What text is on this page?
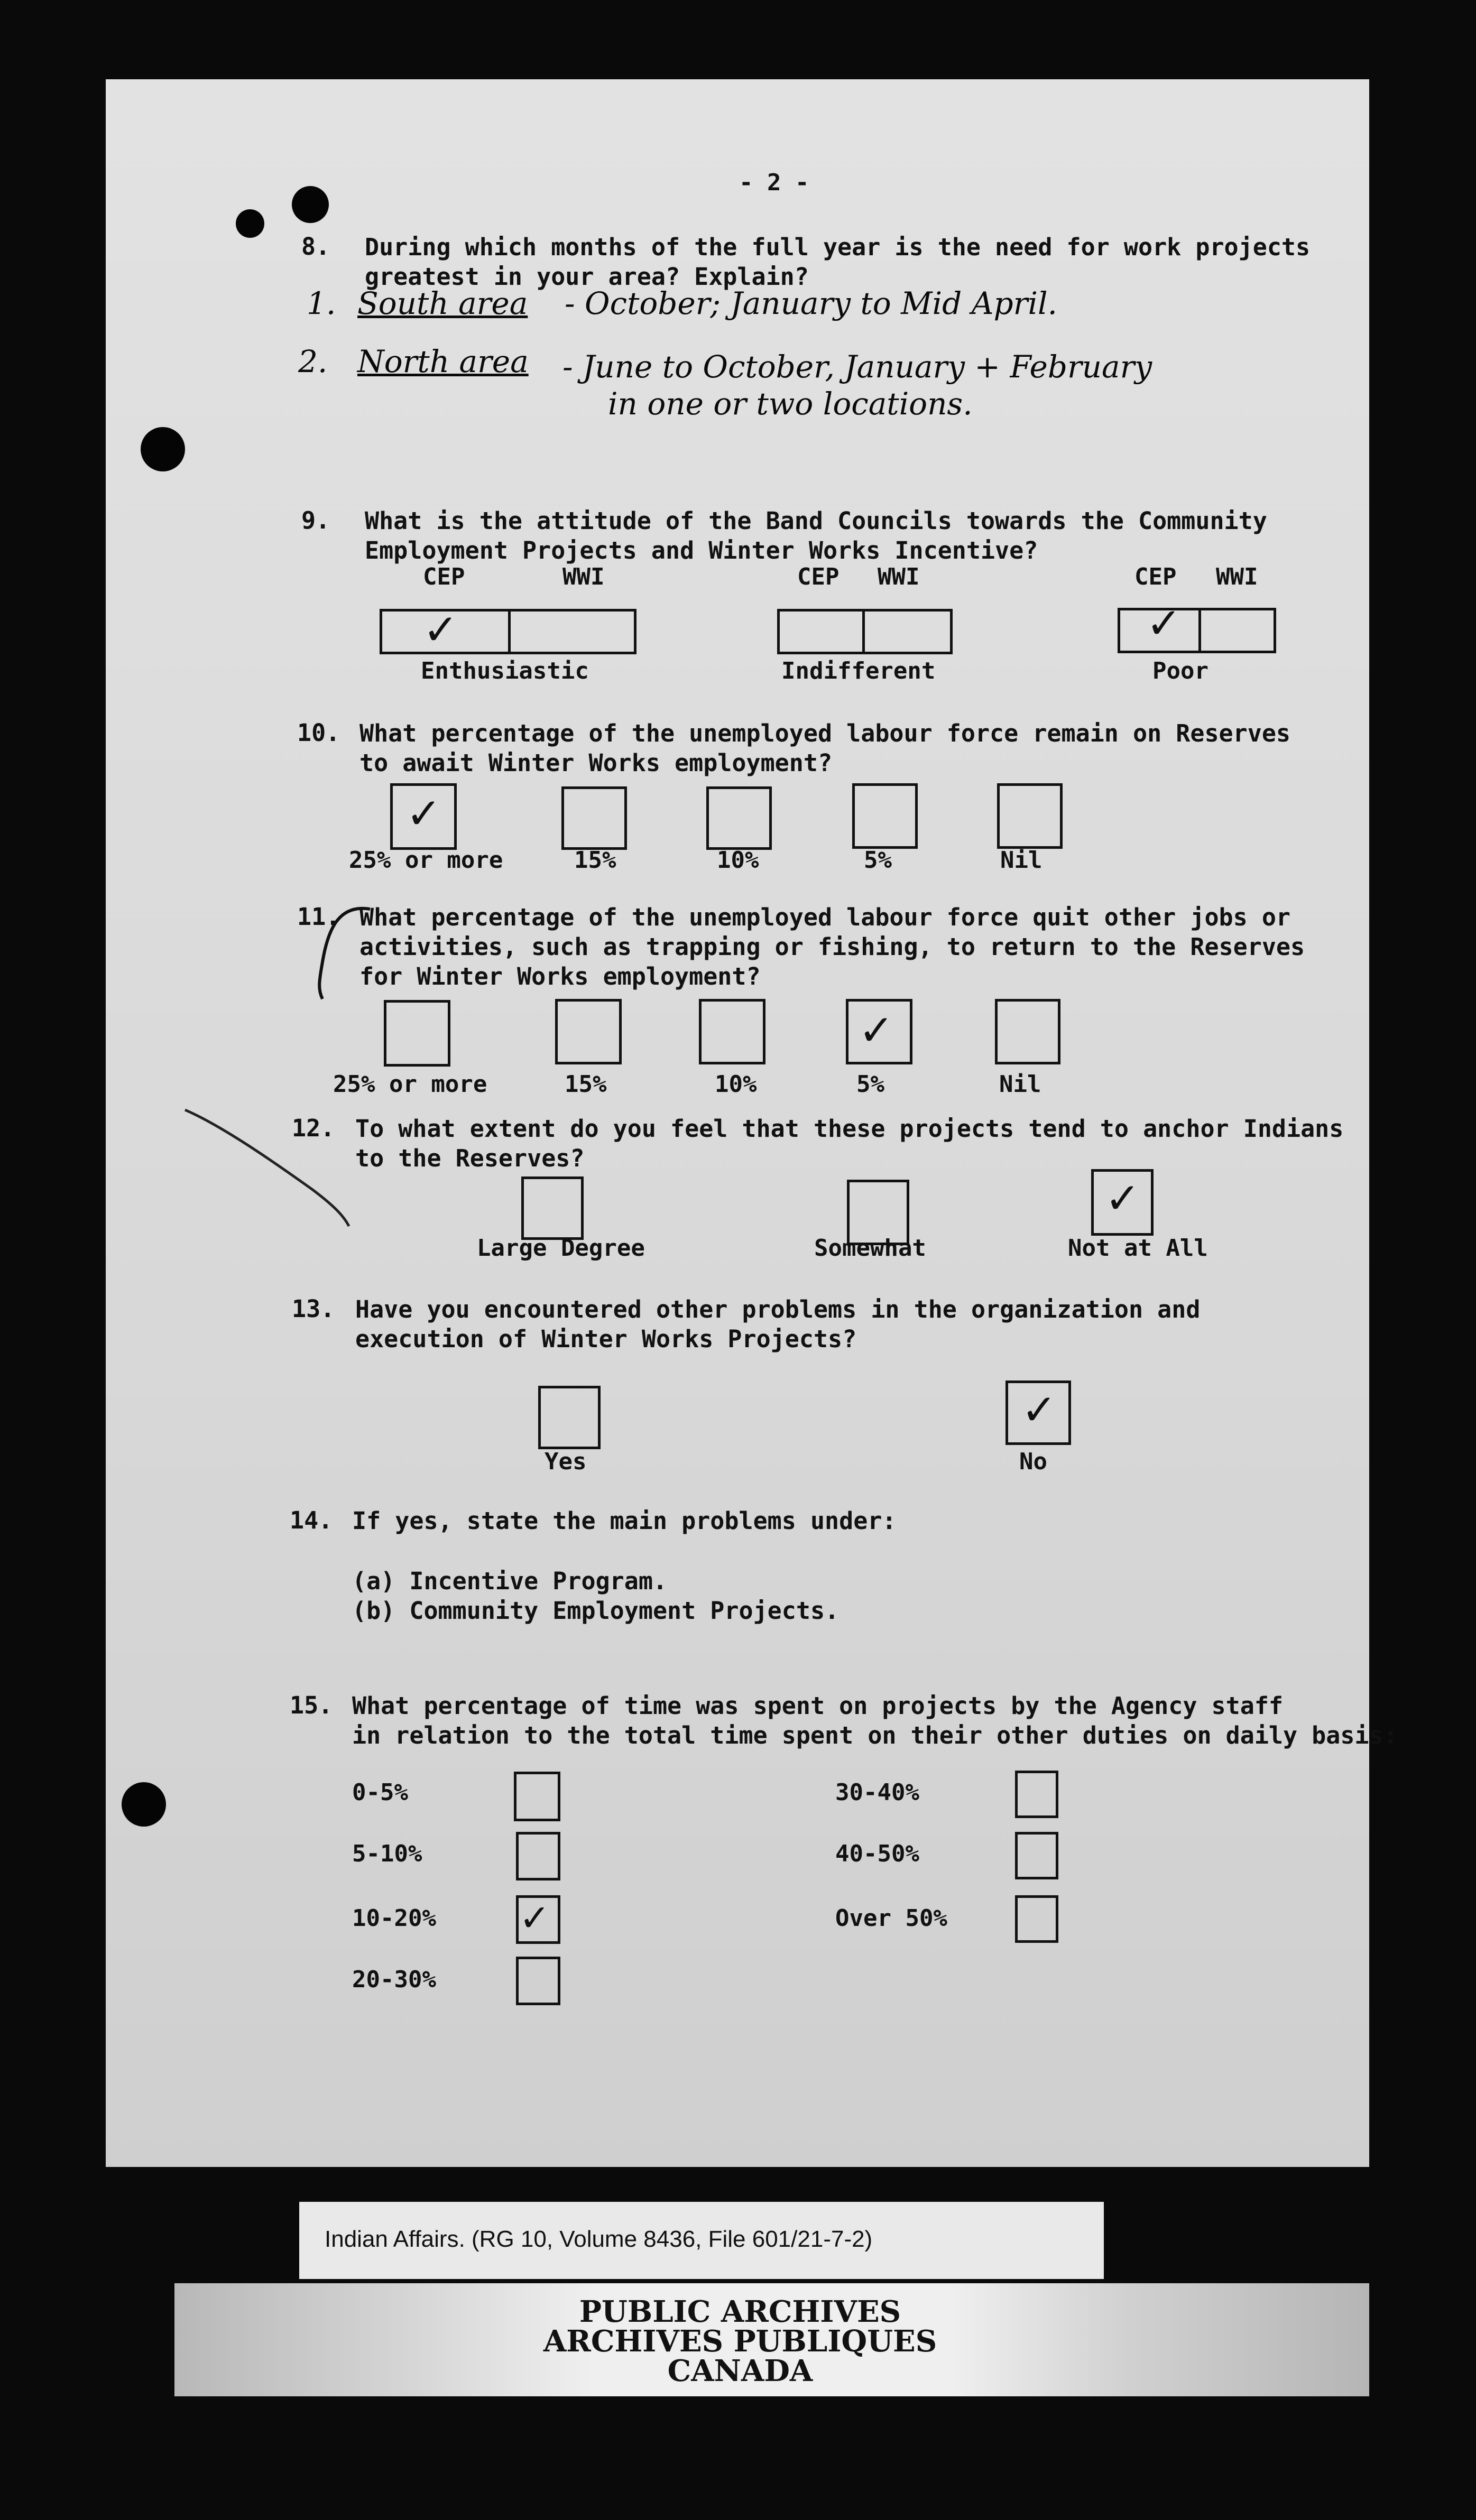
- 2 -
8. During which months of the full year is the need for work projects
greatest in your area? Explain?
1. South area - October; January to Mid April.
2. North area - June to October, January + February
in one or two locations.
9. What is the attitude of the Band Councils towards the Community
Employment Projects and Winter Works Incentive?
CEP	WWI
✓
Enthusiastic
CEP WWI
Indifferent
CEP WWI
✓
Poor
10. What percentage of the unemployed labour force remain on Reserves
to await Winter Works employment?
✓
25% or more	15%	10%	5%	Nil
11. What percentage of the unemployed labour force quit other jobs or
activities, such as trapping or fishing, to return to the Reserves
for Winter Works employment?
✓
25% or more	15%	10%	5%	Nil
12. To what extent do you feel that these projects tend to anchor Indians
to the Reserves?
✓
Large Degree	Somewhat	Not at All
13. Have you encountered other problems in the organization and
execution of Winter Works Projects?
✓
Yes	No
14. If yes, state the main problems under:
(a) Incentive Program.
(b) Community Employment Projects.
15. What percentage of time was spent on projects by the Agency staff
in relation to the total time spent on their other duties on daily basis:
0-5%
5-10%
10-20% ✓
20-30%
30-40%
40-50%
Over 50%
Indian Affairs. (RG 10, Volume 8436, File 601/21-7-2)
PUBLIC ARCHIVES
ARCHIVES PUBLIQUES
CANADA
